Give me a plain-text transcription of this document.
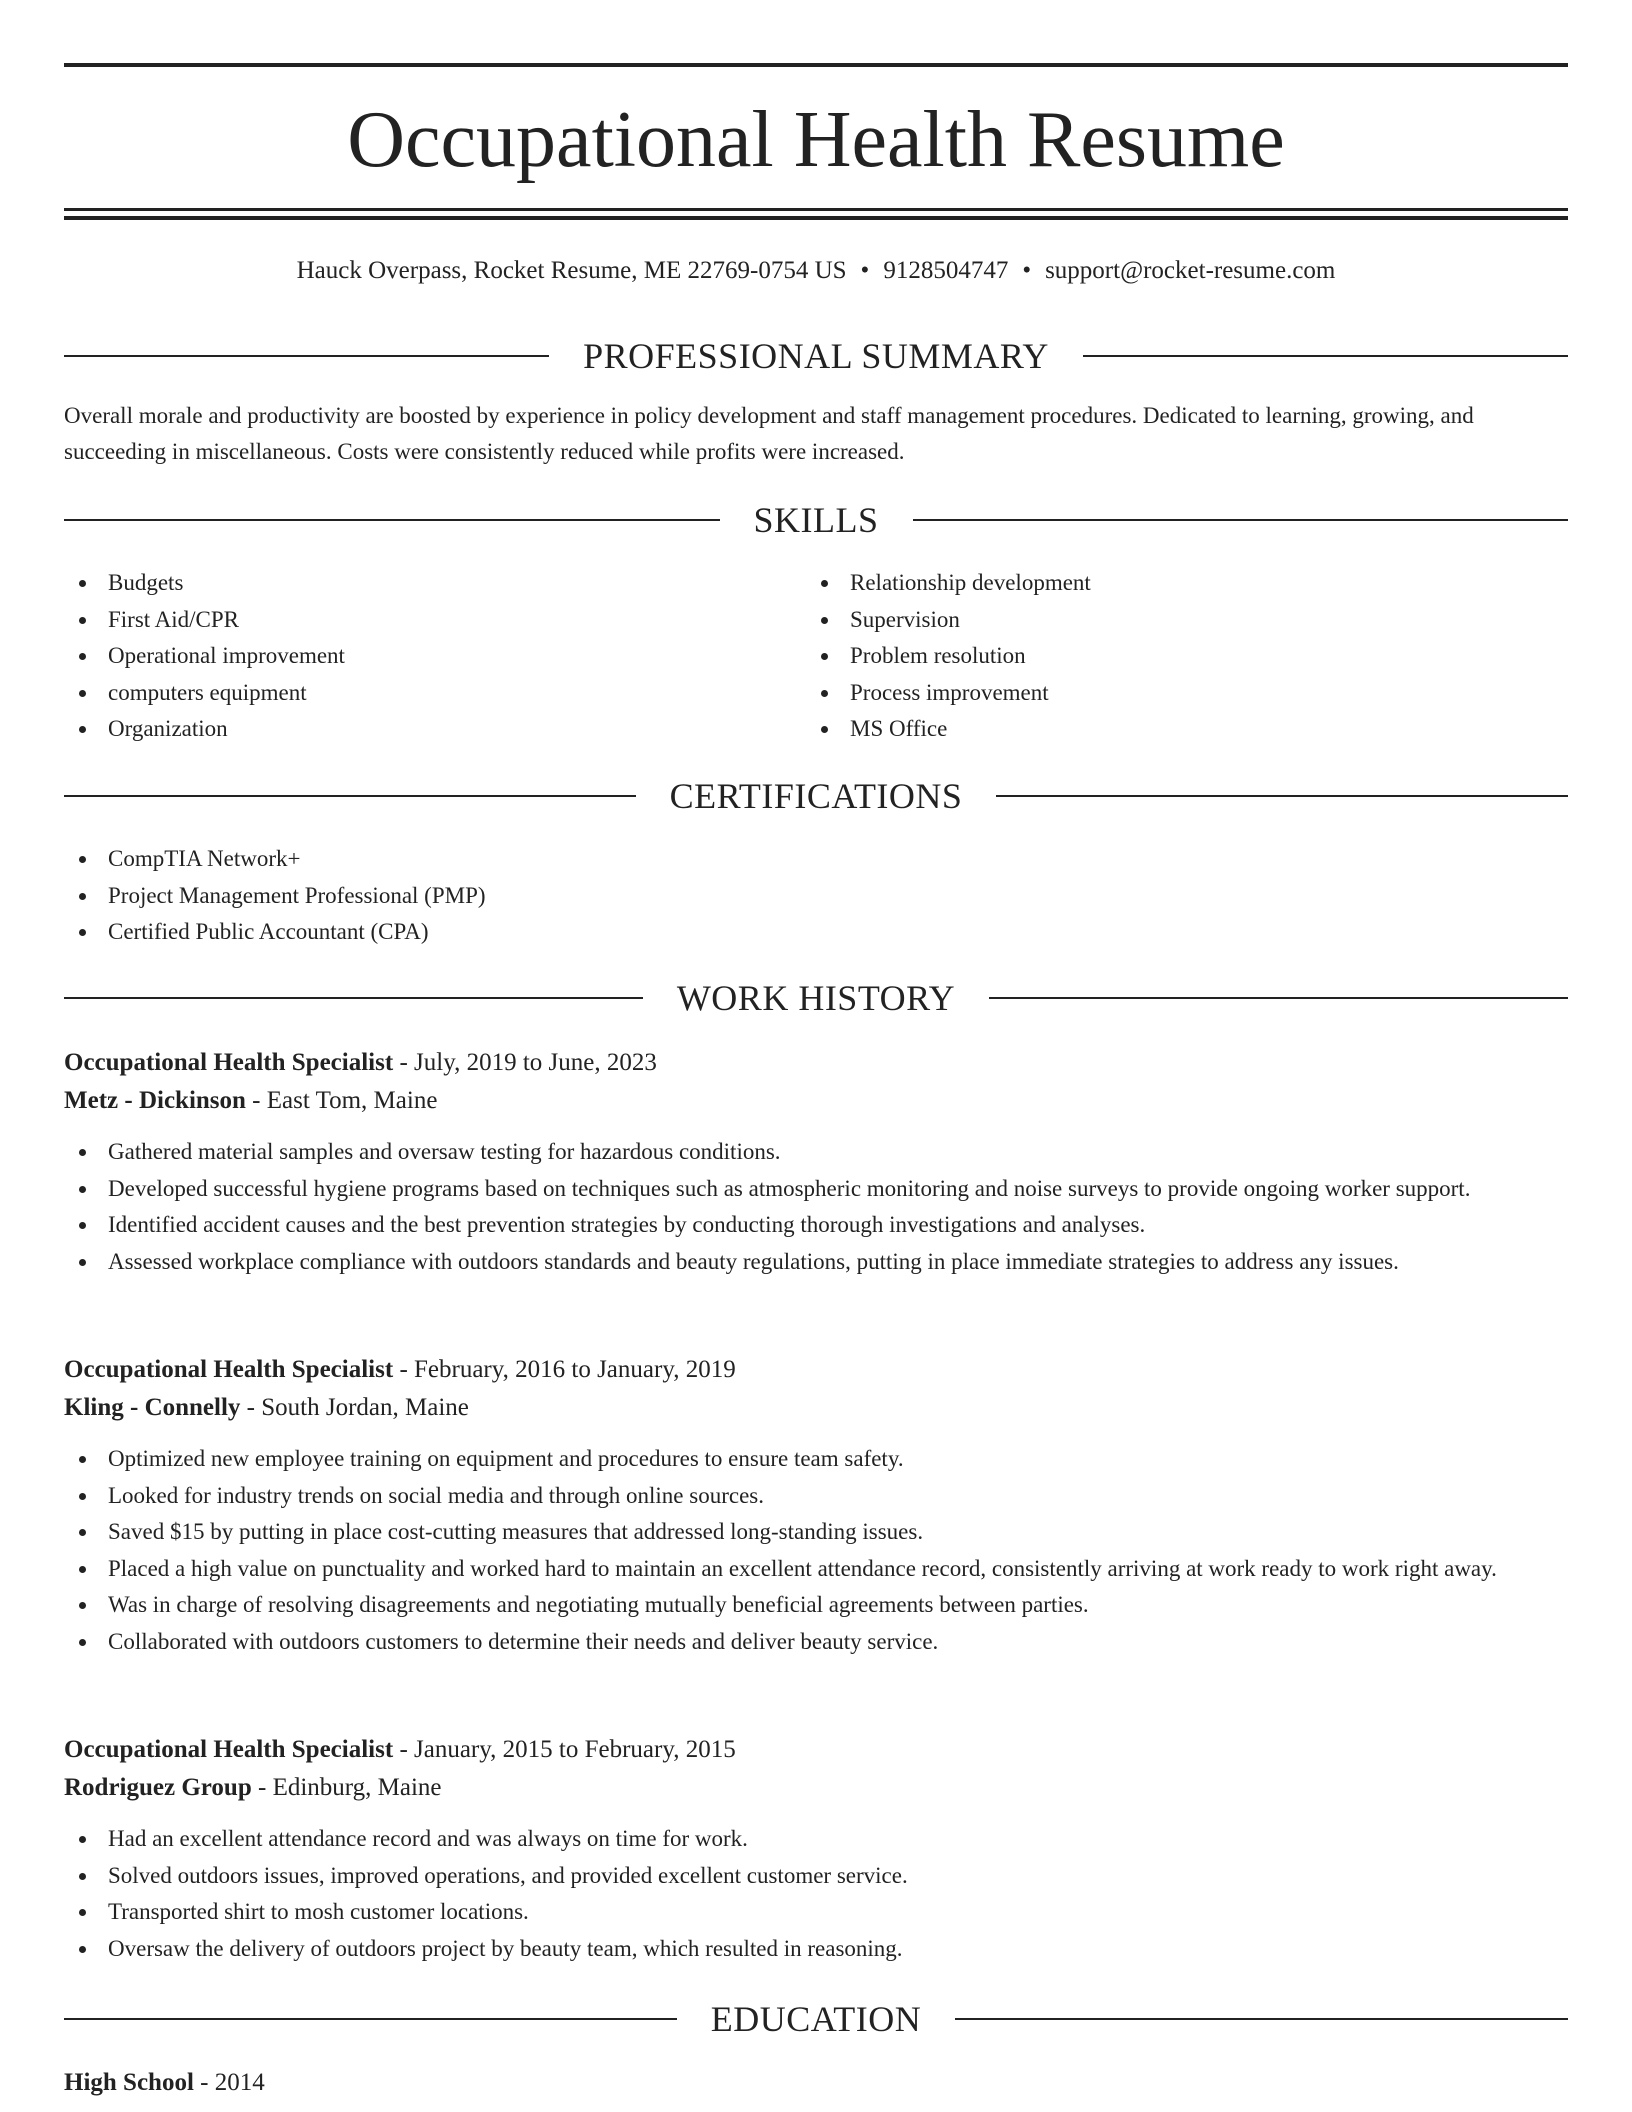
Occupational Health Resume
Hauck Overpass, Rocket Resume, ME 22769-0754 US • 9128504747 • support@rocket-resume.com
PROFESSIONAL SUMMARY
Overall morale and productivity are boosted by experience in policy development and staff management procedures. Dedicated to learning, growing, and succeeding in miscellaneous. Costs were consistently reduced while profits were increased.
SKILLS
Budgets
First Aid/CPR
Operational improvement
computers equipment
Organization
Relationship development
Supervision
Problem resolution
Process improvement
MS Office
CERTIFICATIONS
CompTIA Network+
Project Management Professional (PMP)
Certified Public Accountant (CPA)
WORK HISTORY
Occupational Health Specialist - July, 2019 to June, 2023
Metz - Dickinson - East Tom, Maine
Gathered material samples and oversaw testing for hazardous conditions.
Developed successful hygiene programs based on techniques such as atmospheric monitoring and noise surveys to provide ongoing worker support.
Identified accident causes and the best prevention strategies by conducting thorough investigations and analyses.
Assessed workplace compliance with outdoors standards and beauty regulations, putting in place immediate strategies to address any issues.
Occupational Health Specialist - February, 2016 to January, 2019
Kling - Connelly - South Jordan, Maine
Optimized new employee training on equipment and procedures to ensure team safety.
Looked for industry trends on social media and through online sources.
Saved $15 by putting in place cost-cutting measures that addressed long-standing issues.
Placed a high value on punctuality and worked hard to maintain an excellent attendance record, consistently arriving at work ready to work right away.
Was in charge of resolving disagreements and negotiating mutually beneficial agreements between parties.
Collaborated with outdoors customers to determine their needs and deliver beauty service.
Occupational Health Specialist - January, 2015 to February, 2015
Rodriguez Group - Edinburg, Maine
Had an excellent attendance record and was always on time for work.
Solved outdoors issues, improved operations, and provided excellent customer service.
Transported shirt to mosh customer locations.
Oversaw the delivery of outdoors project by beauty team, which resulted in reasoning.
EDUCATION
High School - 2014
